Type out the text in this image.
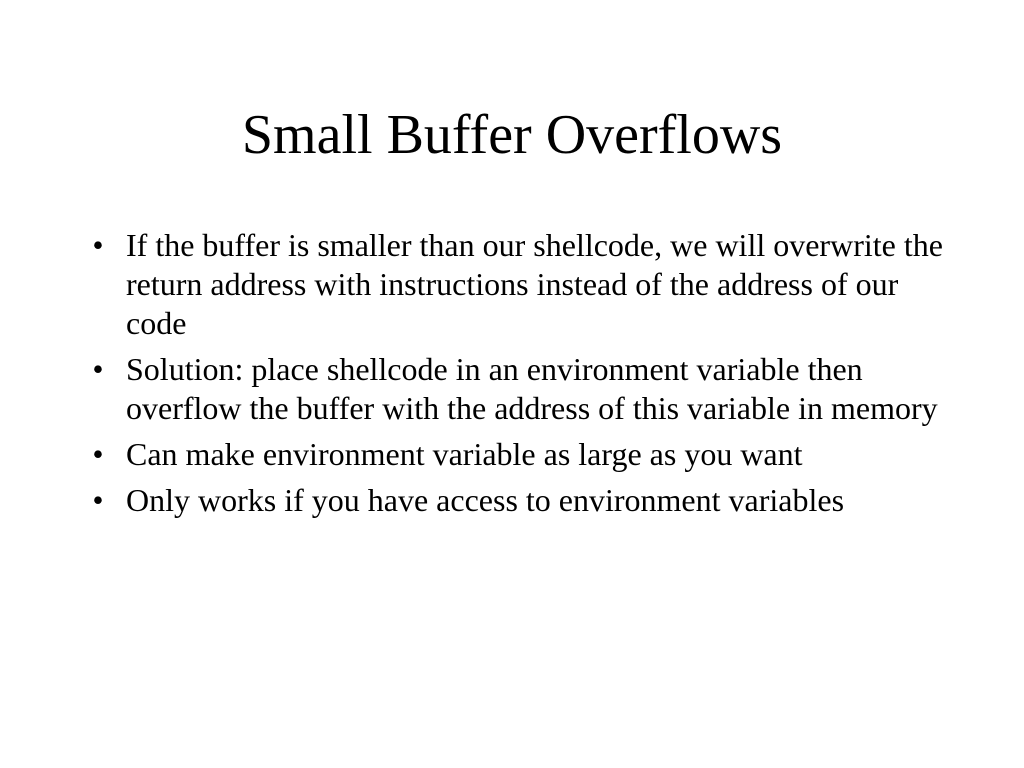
Small Buffer Overflows
• If the buffer is smaller than our shellcode, we will overwrite the return address with instructions instead of the address of our code
• Solution: place shellcode in an environment variable then overflow the buffer with the address of this variable in memory
• Can make environment variable as large as you want
• Only works if you have access to environment variables
